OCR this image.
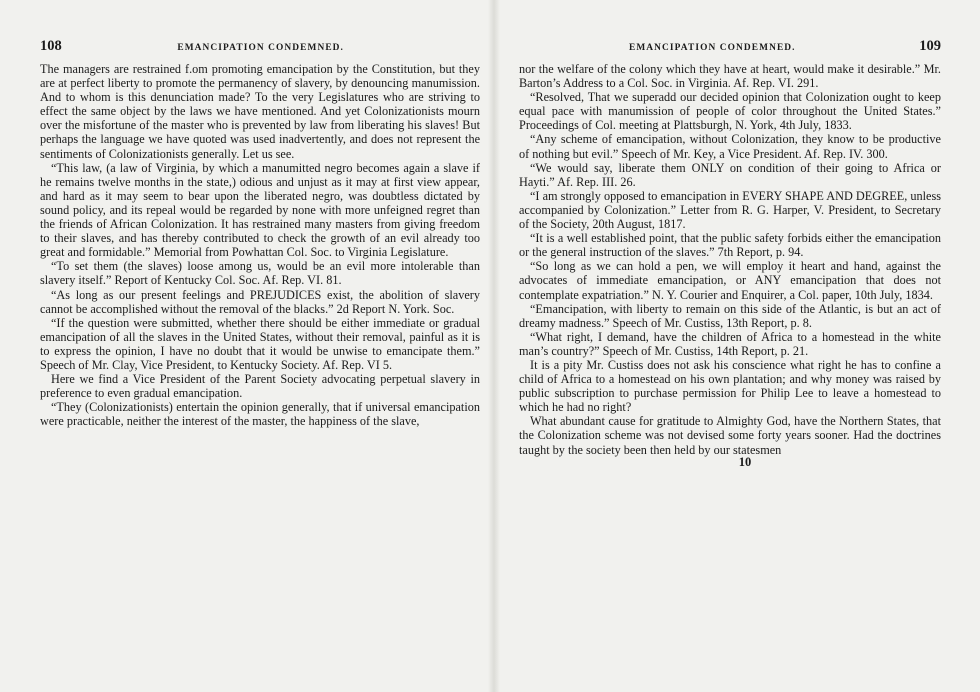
108	EMANCIPATION CONDEMNED.

The managers are restrained f.om promoting emancipation by the Constitution, but they are at perfect liberty to promote the permanency of slavery, by denouncing manumission. And to whom is this denunciation made? To the very Legislatures who are striving to effect the same object by the laws we have mentioned. And yet Colonizationists mourn over the misfortune of the master who is prevented by law from liberating his slaves! But perhaps the language we have quoted was used inadvertently, and does not represent the sentiments of Colonizationists generally. Let us see.

“This law, (a law of Virginia, by which a manumitted negro becomes again a slave if he remains twelve months in the state,) odious and unjust as it may at first view appear, and hard as it may seem to bear upon the liberated negro, was doubtless dictated by sound policy, and its repeal would be regarded by none with more unfeigned regret than the friends of African Colonization. It has restrained many masters from giving freedom to their slaves, and has thereby contributed to check the growth of an evil already too great and formidable.” Memorial from Powhattan Col. Soc. to Virginia Legislature.

“To set them (the slaves) loose among us, would be an evil more intolerable than slavery itself.” Report of Kentucky Col. Soc. Af. Rep. VI. 81.

“As long as our present feelings and PREJUDICES exist, the abolition of slavery cannot be accomplished without the removal of the blacks.” 2d Report N. York. Soc.

“If the question were submitted, whether there should be either immediate or gradual emancipation of all the slaves in the United States, without their removal, painful as it is to express the opinion, I have no doubt that it would be unwise to emancipate them.” Speech of Mr. Clay, Vice President, to Kentucky Society. Af. Rep. VI 5.

Here we find a Vice President of the Parent Society advocating perpetual slavery in preference to even gradual emancipation.

“They (Colonizationists) entertain the opinion generally, that if universal emancipation were practicable, neither the interest of the master, the happiness of the slave,

EMANCIPATION CONDEMNED.	109

nor the welfare of the colony which they have at heart, would make it desirable.” Mr. Barton’s Address to a Col. Soc. in Virginia. Af. Rep. VI. 291.

“Resolved, That we superadd our decided opinion that Colonization ought to keep equal pace with manumission of people of color throughout the United States.” Proceedings of Col. meeting at Plattsburgh, N. York, 4th July, 1833.

“Any scheme of emancipation, without Colonization, they know to be productive of nothing but evil.” Speech of Mr. Key, a Vice President. Af. Rep. IV. 300.

“We would say, liberate them ONLY on condition of their going to Africa or Hayti.” Af. Rep. III. 26.

“I am strongly opposed to emancipation in EVERY SHAPE AND DEGREE, unless accompanied by Colonization.” Letter from R. G. Harper, V. President, to Secretary of the Society, 20th August, 1817.

“It is a well established point, that the public safety forbids either the emancipation or the general instruction of the slaves.” 7th Report, p. 94.

“So long as we can hold a pen, we will employ it heart and hand, against the advocates of immediate emancipation, or ANY emancipation that does not contemplate expatriation.” N. Y. Courier and Enquirer, a Col. paper, 10th July, 1834.

“Emancipation, with liberty to remain on this side of the Atlantic, is but an act of dreamy madness.” Speech of Mr. Custiss, 13th Report, p. 8.

“What right, I demand, have the children of Africa to a homestead in the white man’s country?” Speech of Mr. Custiss, 14th Report, p. 21.

It is a pity Mr. Custiss does not ask his conscience what right he has to confine a child of Africa to a homestead on his own plantation; and why money was raised by public subscription to purchase permission for Philip Lee to leave a homestead to which he had no right?

What abundant cause for gratitude to Almighty God, have the Northern States, that the Colonization scheme was not devised some forty years sooner. Had the doctrines taught by the society been then held by our statesmen

10
